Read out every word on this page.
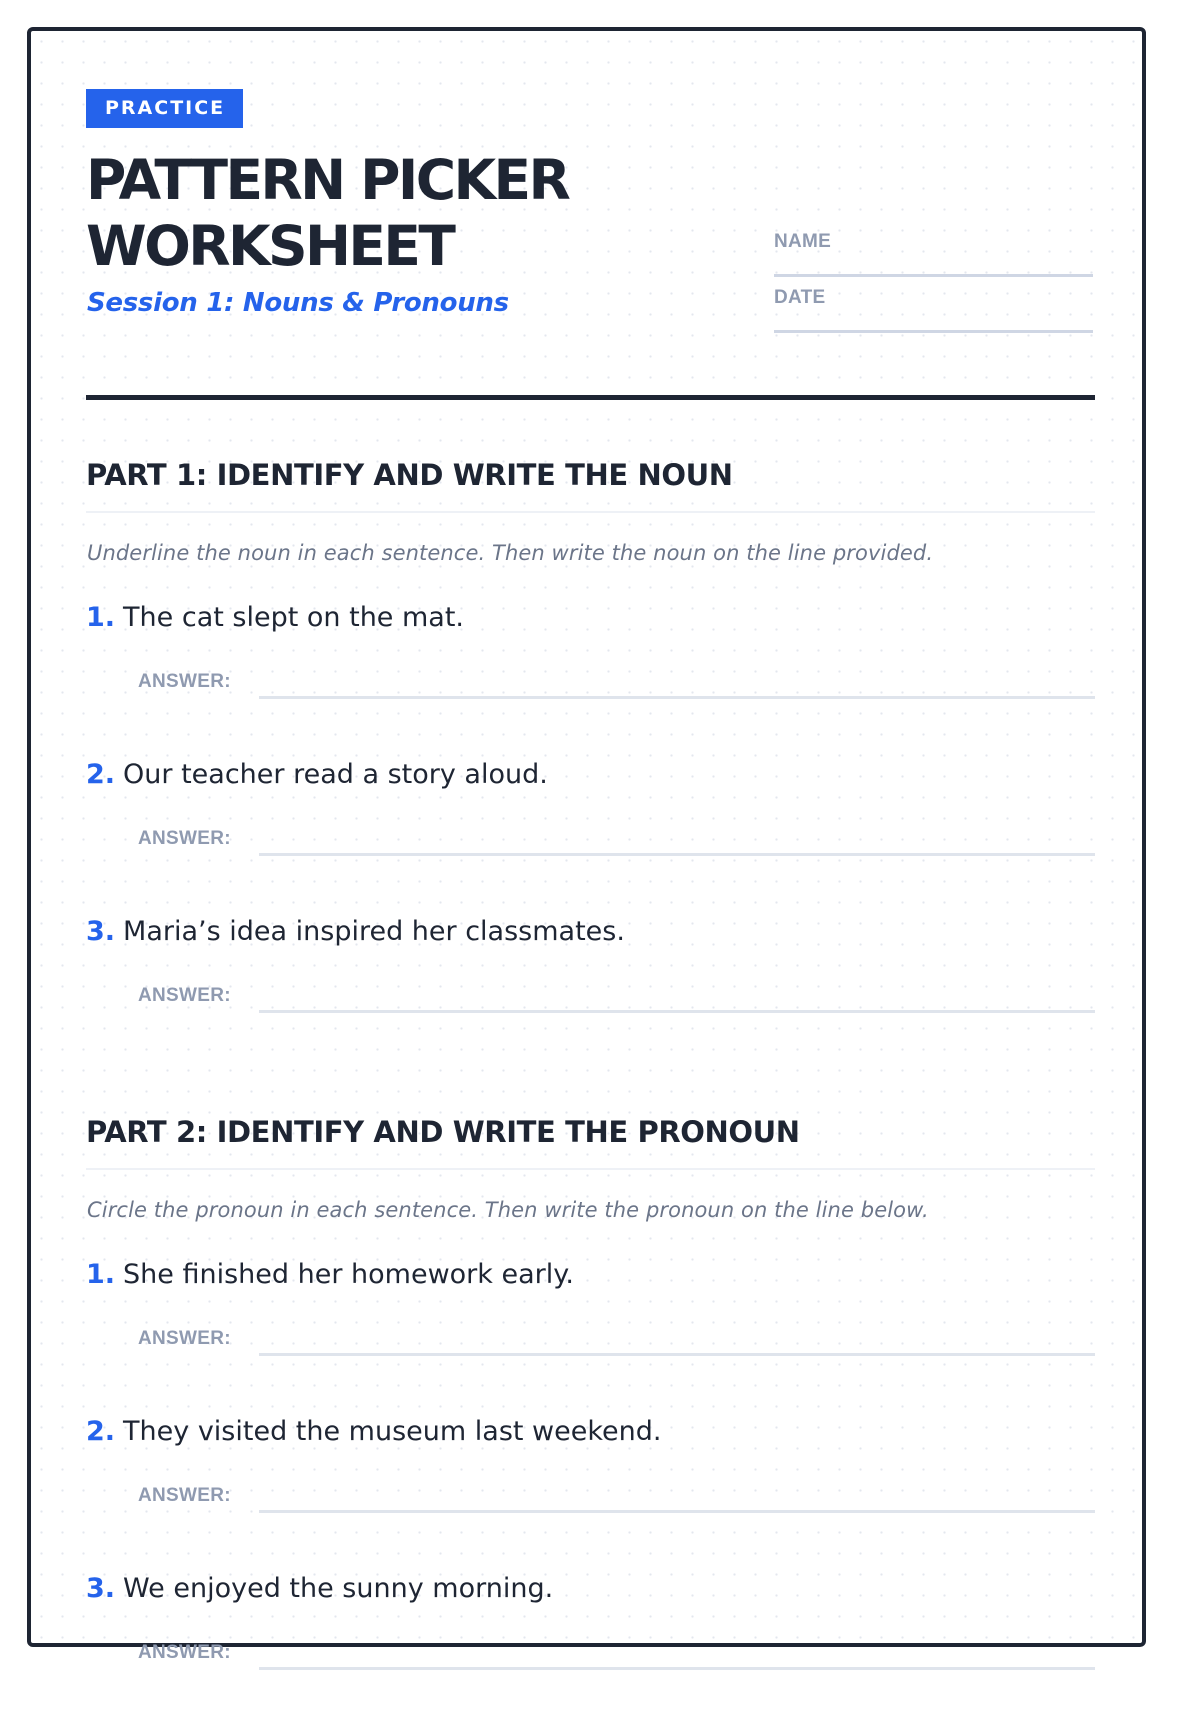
PRACTICE
PATTERN PICKER
WORKSHEET

Session 1: Nouns & Pronouns

NAME
DATE
PART 1: IDENTIFY AND WRITE THE NOUN

Underline the noun in each sentence. Then write the noun on the line provided.

1. The cat slept on the mat.
ANSWER:
2. Our teacher read a story aloud.
ANSWER:
3. Maria’s idea inspired her classmates.
ANSWER:
PART 2: IDENTIFY AND WRITE THE PRONOUN

Circle the pronoun in each sentence. Then write the pronoun on the line below.

1. She finished her homework early.
ANSWER:
2. They visited the museum last weekend.
ANSWER:
3. We enjoyed the sunny morning.
ANSWER:
